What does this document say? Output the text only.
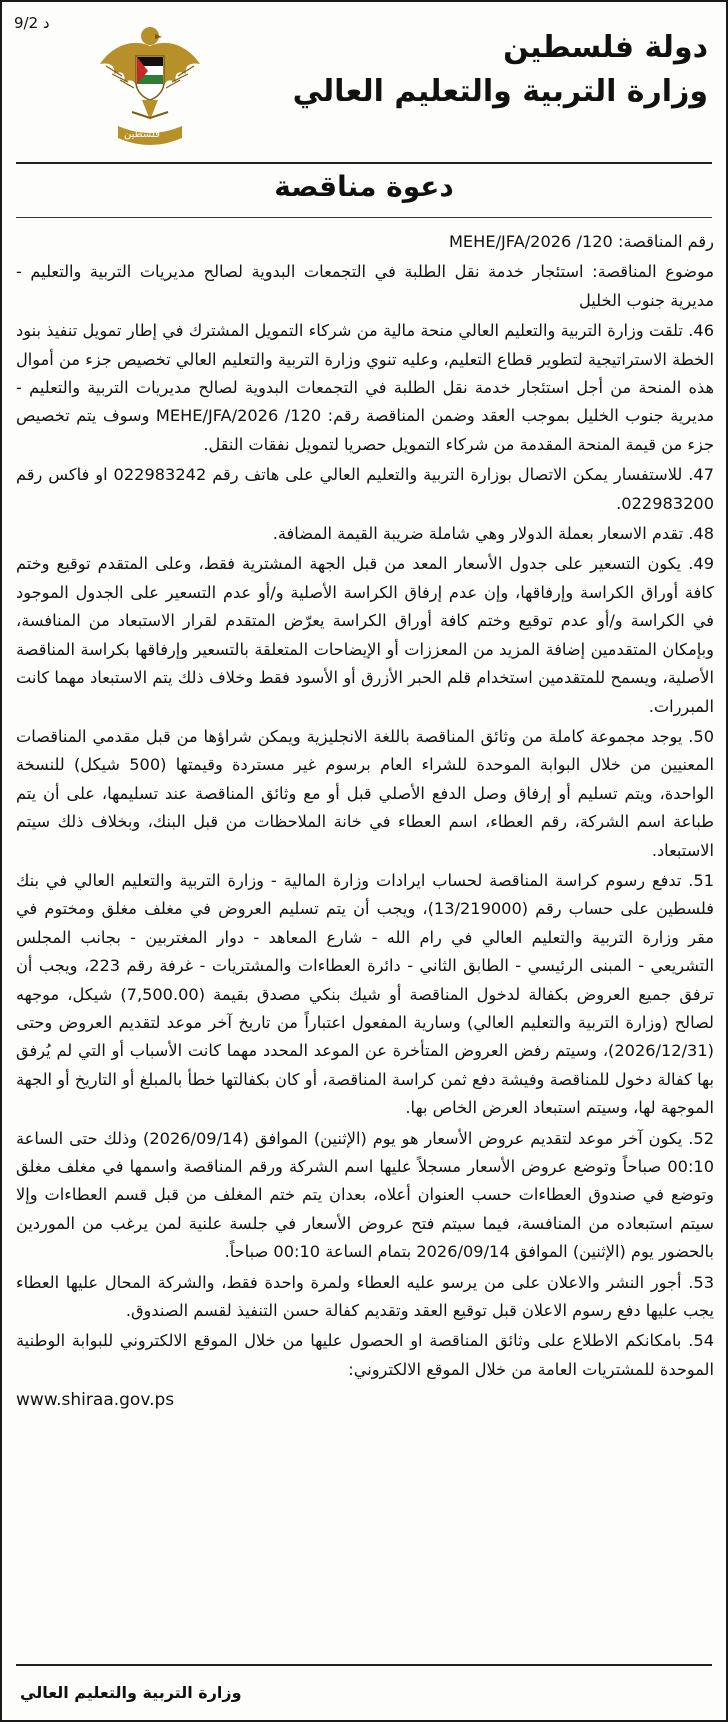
د 9/2
دولة فلسطين
وزارة التربية والتعليم العالي
فلسطين
دعوة مناقصة

رقم المناقصة: 120/ MEHE/JFA/2026

موضوع المناقصة: استئجار خدمة نقل الطلبة في التجمعات البدوية لصالح مديريات التربية والتعليم - مديرية جنوب الخليل

46. تلقت وزارة التربية والتعليم العالي منحة مالية من شركاء التمويل المشترك في إطار تمويل تنفيذ بنود الخطة الاستراتيجية لتطوير قطاع التعليم، وعليه تنوي وزارة التربية والتعليم العالي تخصيص جزء من أموال هذه المنحة من أجل استئجار خدمة نقل الطلبة في التجمعات البدوية لصالح مديريات التربية والتعليم - مديرية جنوب الخليل بموجب العقد وضمن المناقصة رقم: 120/ MEHE/JFA/2026 وسوف يتم تخصيص جزء من قيمة المنحة المقدمة من شركاء التمويل حصريا لتمويل نفقات النقل.

47. للاستفسار يمكن الاتصال بوزارة التربية والتعليم العالي على هاتف رقم 022983242 او فاكس رقم 022983200.

48. تقدم الاسعار بعملة الدولار وهي شاملة ضريبة القيمة المضافة.

49. يكون التسعير على جدول الأسعار المعد من قبل الجهة المشترية فقط، وعلى المتقدم توقيع وختم كافة أوراق الكراسة وإرفاقها، وإن عدم إرفاق الكراسة الأصلية و/أو عدم التسعير على الجدول الموجود في الكراسة و/أو عدم توقيع وختم كافة أوراق الكراسة يعرّض المتقدم لقرار الاستبعاد من المنافسة، وبإمكان المتقدمين إضافة المزيد من المعززات أو الإيضاحات المتعلقة بالتسعير وإرفاقها بكراسة المناقصة الأصلية، ويسمح للمتقدمين استخدام قلم الحبر الأزرق أو الأسود فقط وخلاف ذلك يتم الاستبعاد مهما كانت المبررات.

50. يوجد مجموعة كاملة من وثائق المناقصة باللغة الانجليزية ويمكن شراؤها من قبل مقدمي المناقصات المعنيين من خلال البوابة الموحدة للشراء العام برسوم غير مستردة وقيمتها (500 شيكل) للنسخة الواحدة، ويتم تسليم أو إرفاق وصل الدفع الأصلي قبل أو مع وثائق المناقصة عند تسليمها، على أن يتم طباعة اسم الشركة، رقم العطاء، اسم العطاء في خانة الملاحظات من قبل البنك، وبخلاف ذلك سيتم الاستبعاد.

51. تدفع رسوم كراسة المناقصة لحساب ايرادات وزارة المالية - وزارة التربية والتعليم العالي في بنك فلسطين على حساب رقم (13/219000)، ويجب أن يتم تسليم العروض في مغلف مغلق ومختوم في مقر وزارة التربية والتعليم العالي في رام الله - شارع المعاهد - دوار المغتربين - بجانب المجلس التشريعي - المبنى الرئيسي - الطابق الثاني - دائرة العطاءات والمشتريات - غرفة رقم 223، ويجب أن ترفق جميع العروض بكفالة لدخول المناقصة أو شيك بنكي مصدق بقيمة (7,500.00) شيكل، موجهه لصالح (وزارة التربية والتعليم العالي) وسارية المفعول اعتباراً من تاريخ آخر موعد لتقديم العروض وحتى (2026/12/31)، وسيتم رفض العروض المتأخرة عن الموعد المحدد مهما كانت الأسباب أو التي لم يُرفق بها كفالة دخول للمناقصة وفيشة دفع ثمن كراسة المناقصة، أو كان بكفالتها خطأ بالمبلغ أو التاريخ أو الجهة الموجهة لها، وسيتم استبعاد العرض الخاص بها.

52. يكون آخر موعد لتقديم عروض الأسعار هو يوم (الإثنين) الموافق (2026/09/14) وذلك حتى الساعة 00:10 صباحاً وتوضع عروض الأسعار مسجلاً عليها اسم الشركة ورقم المناقصة واسمها في مغلف مغلق وتوضع في صندوق العطاءات حسب العنوان أعلاه، بعدان يتم ختم المغلف من قبل قسم العطاءات وإلا سيتم استبعاده من المنافسة، فيما سيتم فتح عروض الأسعار في جلسة علنية لمن يرغب من الموردين بالحضور يوم (الإثنين) الموافق 2026/09/14 بتمام الساعة 00:10 صباحاً.

53. أجور النشر والاعلان على من يرسو عليه العطاء ولمرة واحدة فقط، والشركة المحال عليها العطاء يجب عليها دفع رسوم الاعلان قبل توقيع العقد وتقديم كفالة حسن التنفيذ لقسم الصندوق.

54. بامكانكم الاطلاع على وثائق المناقصة او الحصول عليها من خلال الموقع الالكتروني للبوابة الوطنية الموحدة للمشتريات العامة من خلال الموقع الالكتروني:

www.shiraa.gov.ps
وزارة التربية والتعليم العالي
